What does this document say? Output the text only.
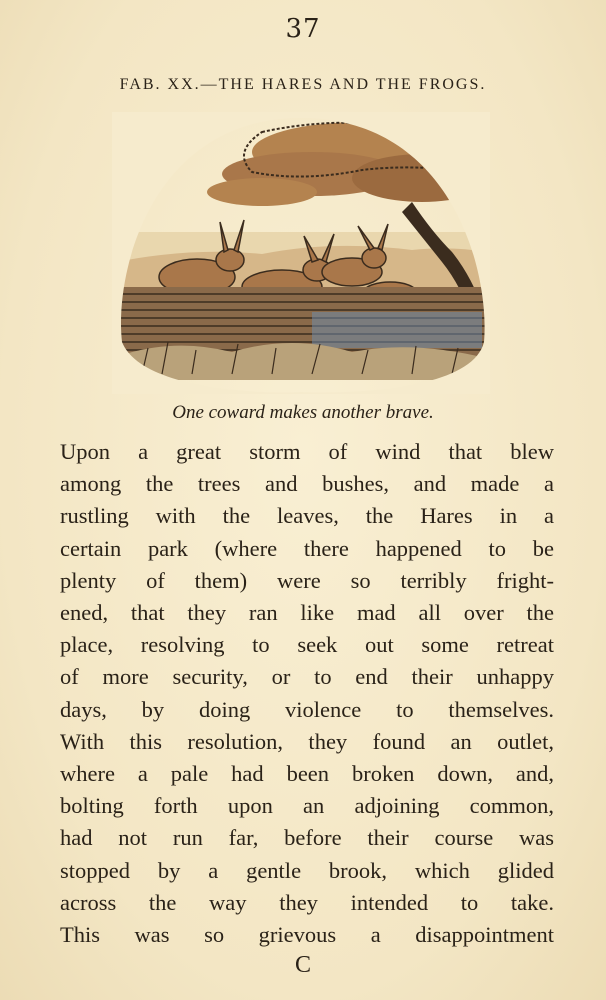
37
FAB. XX.—THE HARES AND THE FROGS.
One coward makes another brave.
Upon a great storm of wind that blew
among the trees and bushes, and made a
rustling with the leaves, the Hares in a
certain park (where there happened to be
plenty of them) were so terribly fright-
ened, that they ran like mad all over the
place, resolving to seek out some retreat
of more security, or to end their unhappy
days, by doing violence to themselves.
With this resolution, they found an outlet,
where a pale had been broken down, and,
bolting forth upon an adjoining common,
had not run far, before their course was
stopped by a gentle brook, which glided
across the way they intended to take.
This was so grievous a disappointment
C
